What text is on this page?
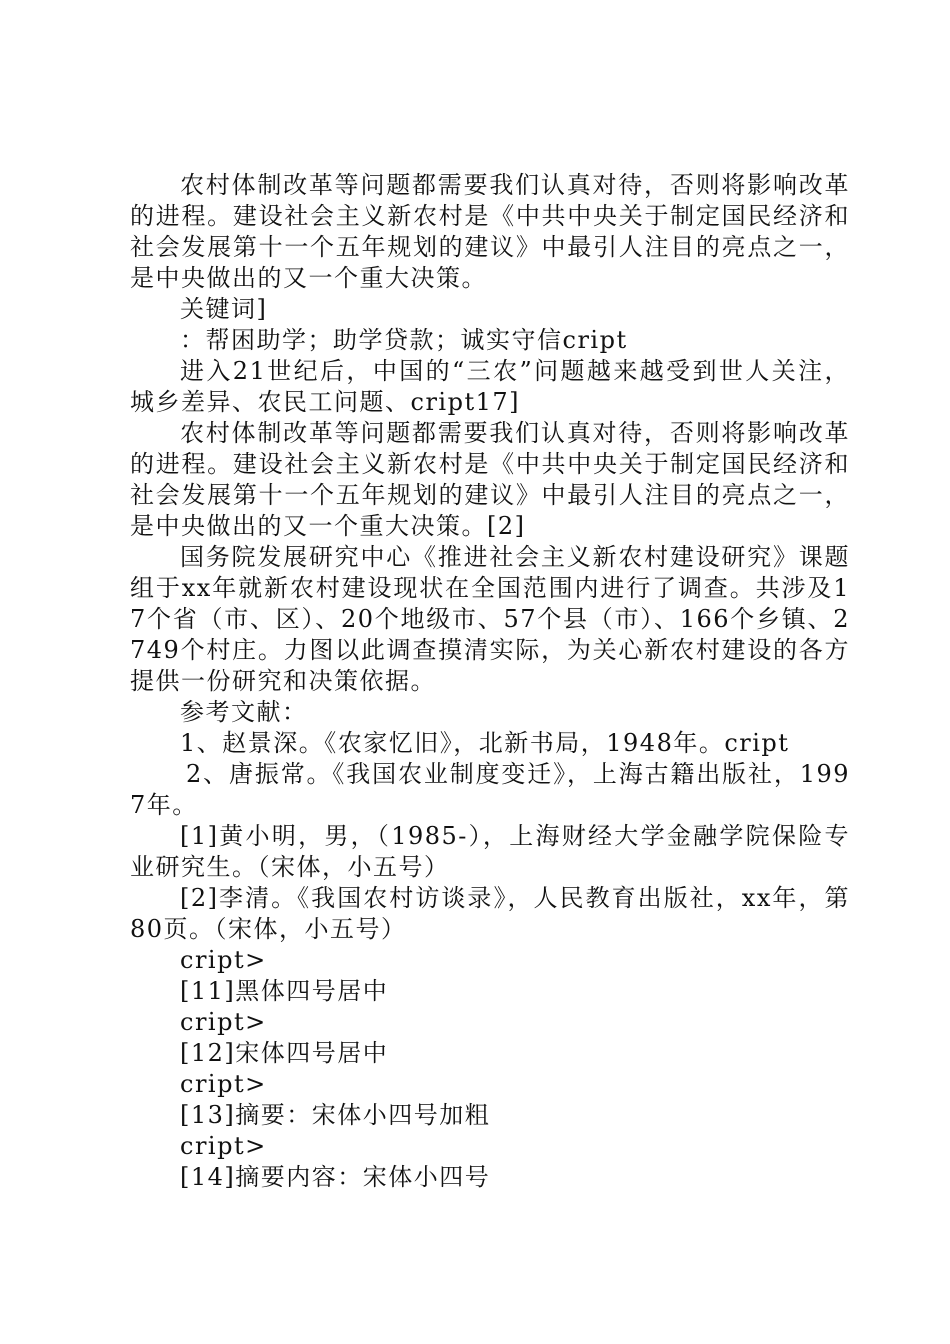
农村体制改革等问题都需要我们认真对待，否则将影响改革的进程。建设社会主义新农村是《中共中央关于制定国民经济和社会发展第十一个五年规划的建议》中最引人注目的亮点之一，是中央做出的又一个重大决策。

关键词]

：帮困助学；助学贷款；诚实守信cript

进入21世纪后，中国的“三农”问题越来越受到世人关注，城乡差异、农民工问题、cript17]

农村体制改革等问题都需要我们认真对待，否则将影响改革的进程。建设社会主义新农村是《中共中央关于制定国民经济和社会发展第十一个五年规划的建议》中最引人注目的亮点之一，是中央做出的又一个重大决策。[2]

国务院发展研究中心《推进社会主义新农村建设研究》课题组于xx年就新农村建设现状在全国范围内进行了调查。共涉及17个省（市、区）、20个地级市、57个县（市）、166个乡镇、2749个村庄。力图以此调查摸清实际，为关心新农村建设的各方提供一份研究和决策依据。

参考文献：

1、赵景深。《农家忆旧》，北新书局，1948年。cript

2、唐振常。《我国农业制度变迁》，上海古籍出版社，1997年。

[1]黄小明，男，（1985-），上海财经大学金融学院保险专业研究生。（宋体，小五号）

[2]李清。《我国农村访谈录》，人民教育出版社，xx年，第80页。（宋体，小五号）

cript>

[11]黑体四号居中

cript>

[12]宋体四号居中

cript>

[13]摘要：宋体小四号加粗

cript>

[14]摘要内容：宋体小四号
